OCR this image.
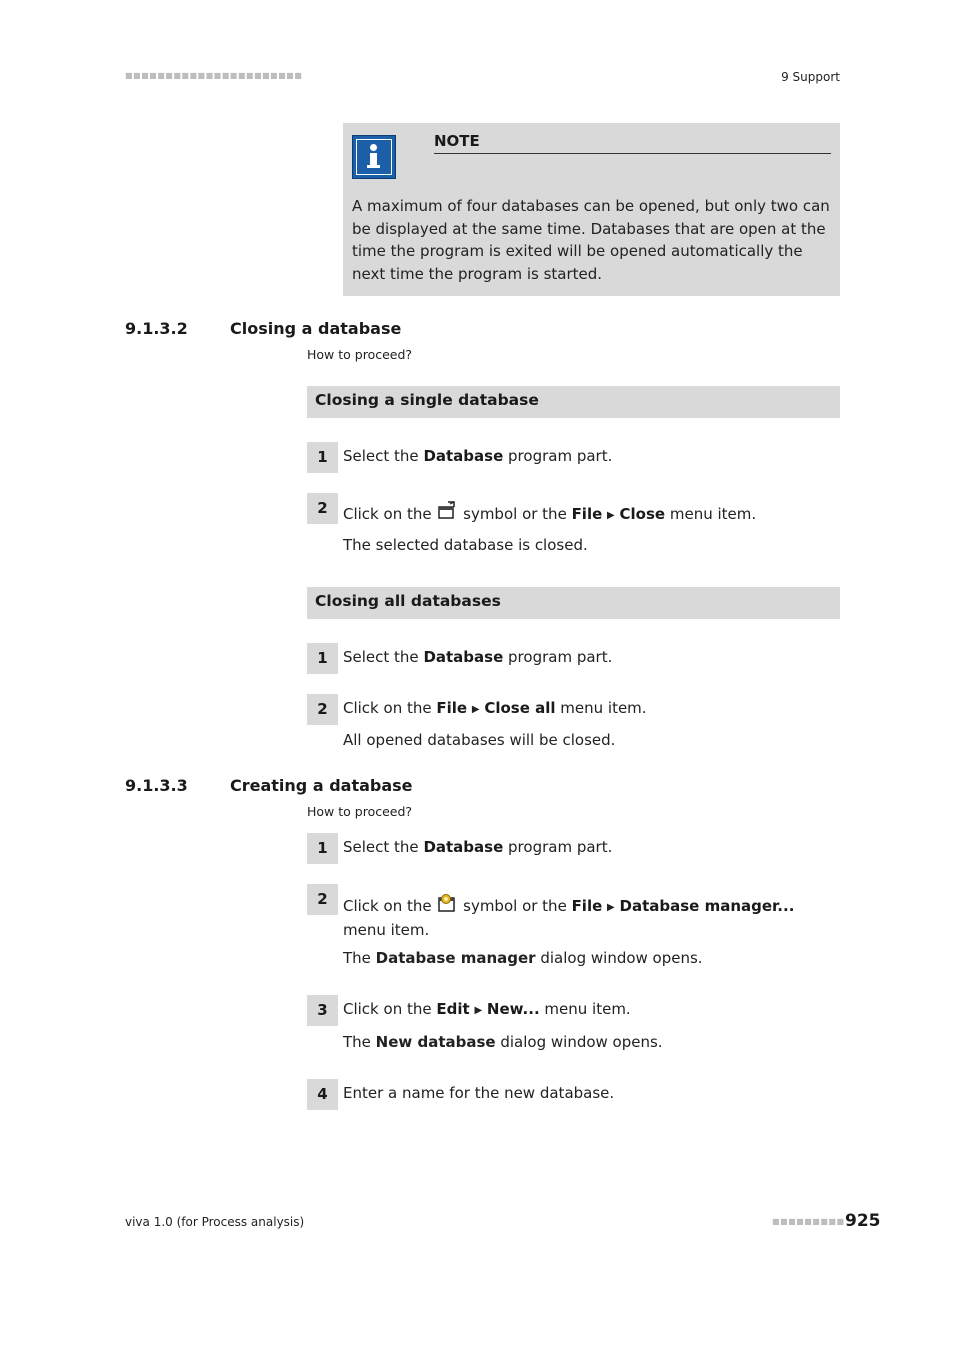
■■■■■■■■■■■■■■■■■■■■■■	9 Support
NOTE
A maximum of four databases can be opened, but only two can be displayed at the same time. Databases that are open at the time the program is exited will be opened automatically the next time the program is started.
9.1.3.2	Closing a database
How to proceed?
Closing a single database
1	Select the Database program part.
2	Click on the  symbol or the File ▶ Close menu item.
The selected database is closed.
Closing all databases
1	Select the Database program part.
2	Click on the File ▶ Close all menu item.
All opened databases will be closed.
9.1.3.3	Creating a database
How to proceed?
1	Select the Database program part.
2	Click on the  symbol or the File ▶ Database manager... menu item.
The Database manager dialog window opens.
3	Click on the Edit ▶ New... menu item.
The New database dialog window opens.
4	Enter a name for the new database.
viva 1.0 (for Process analysis)	■■■■■■■■■ 925
